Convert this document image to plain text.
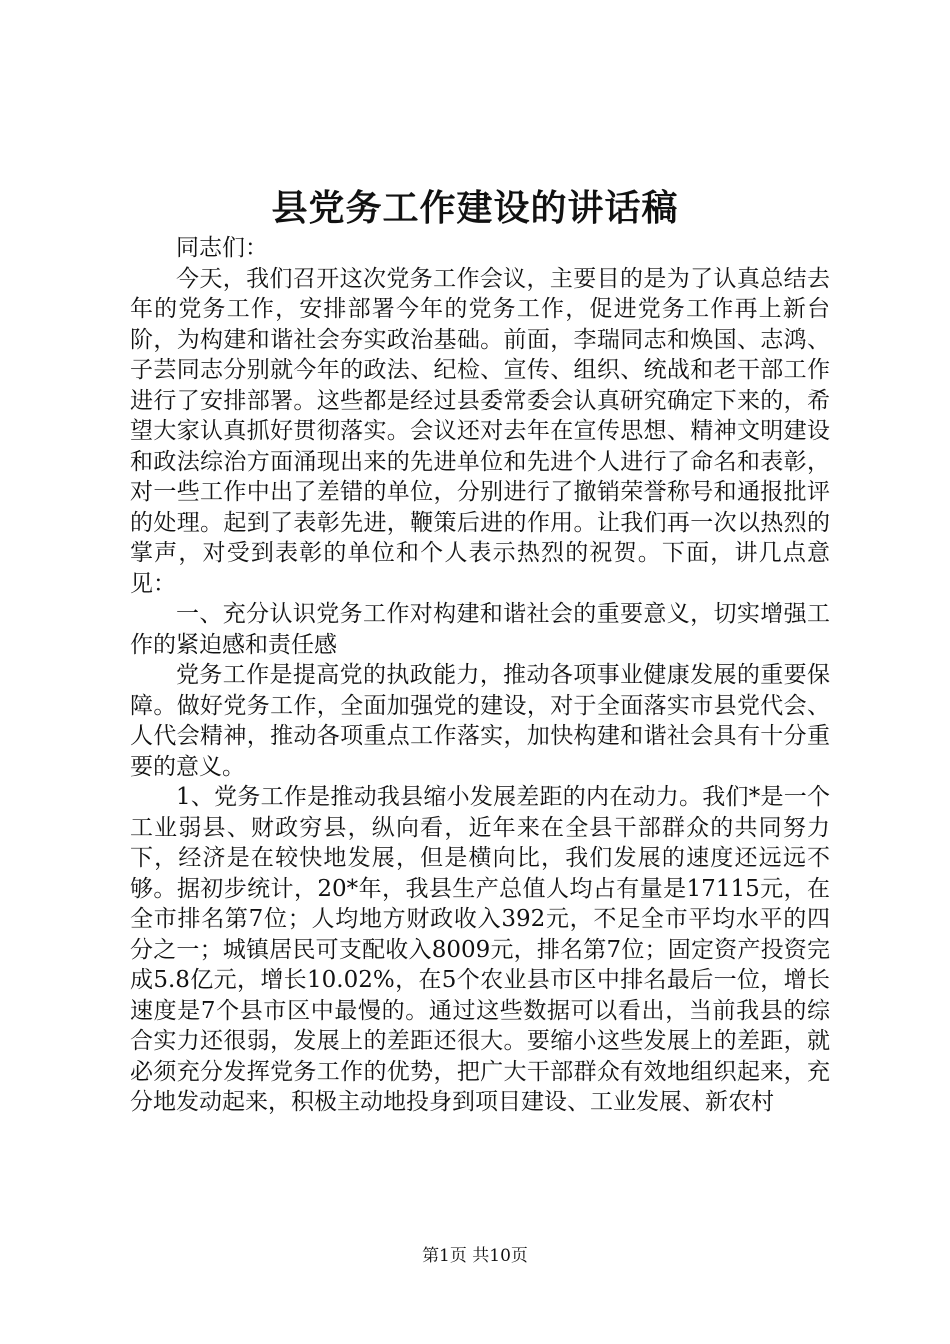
县党务工作建设的讲话稿

同志们：

今天，我们召开这次党务工作会议，主要目的是为了认真总结去年的党务工作，安排部署今年的党务工作，促进党务工作再上新台阶，为构建和谐社会夯实政治基础。前面，李瑞同志和焕国、志鸿、子芸同志分别就今年的政法、纪检、宣传、组织、统战和老干部工作进行了安排部署。这些都是经过县委常委会认真研究确定下来的，希望大家认真抓好贯彻落实。会议还对去年在宣传思想、精神文明建设和政法综治方面涌现出来的先进单位和先进个人进行了命名和表彰，对一些工作中出了差错的单位，分别进行了撤销荣誉称号和通报批评的处理。起到了表彰先进，鞭策后进的作用。让我们再一次以热烈的掌声，对受到表彰的单位和个人表示热烈的祝贺。下面，讲几点意见：

一、充分认识党务工作对构建和谐社会的重要意义，切实增强工作的紧迫感和责任感

党务工作是提高党的执政能力，推动各项事业健康发展的重要保障。做好党务工作，全面加强党的建设，对于全面落实市县党代会、人代会精神，推动各项重点工作落实，加快构建和谐社会具有十分重要的意义。

1、党务工作是推动我县缩小发展差距的内在动力。我们*是一个工业弱县、财政穷县，纵向看，近年来在全县干部群众的共同努力下，经济是在较快地发展，但是横向比，我们发展的速度还远远不够。据初步统计，20*年，我县生产总值人均占有量是17115元，在全市排名第7位；人均地方财政收入392元，不足全市平均水平的四分之一；城镇居民可支配收入8009元，排名第7位；固定资产投资完成5.8亿元，增长10.02%，在5个农业县市区中排名最后一位，增长速度是7个县市区中最慢的。通过这些数据可以看出，当前我县的综合实力还很弱，发展上的差距还很大。要缩小这些发展上的差距，就必须充分发挥党务工作的优势，把广大干部群众有效地组织起来，充分地发动起来，积极主动地投身到项目建设、工业发展、新农村

第1页 共10页
